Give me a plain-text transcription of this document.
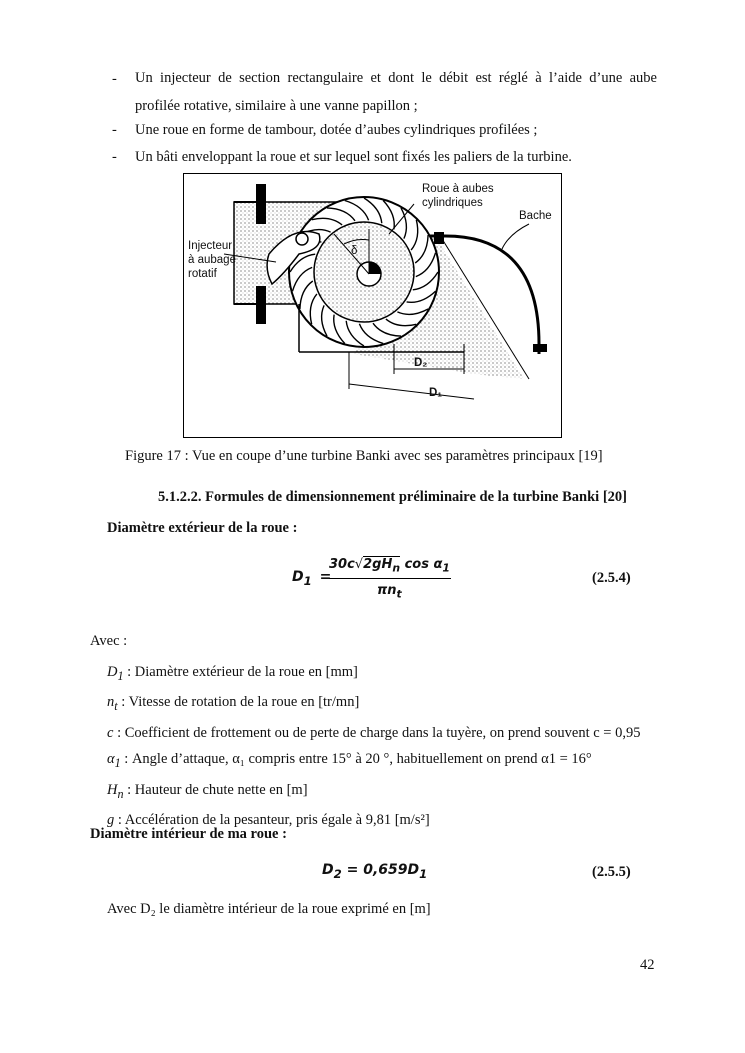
- Un injecteur de section rectangulaire et dont le débit est réglé à l’aide d’une aube
profilée rotative, similaire à une vanne papillon ;
- Une roue en forme de tambour, dotée d’aubes cylindriques profilées ;
- Un bâti enveloppant la roue et sur lequel sont fixés les paliers de la turbine.
Roue à aubes
cylindriques
Bache
Injecteur
à aubage
rotatif
δ
D₂
D₁
Figure 17 : Vue en coupe d’une turbine Banki avec ses paramètres principaux [19]
5.1.2.2. Formules de dimensionnement préliminaire de la turbine Banki [20]
Diamètre extérieur de la roue :
$D_1$ =
$30c√2gH_n$ $\cos \alpha_1$
$\pi n_t$
(2.5.4)
Avec :
$D_1$ : Diamètre extérieur de la roue en [mm]
$n_t$ : Vitesse de rotation de la roue en [tr/mn]
c : Coefficient de frottement ou de perte de charge dans la tuyère, on prend souvent c = 0,95
$\alpha_1$ : Angle d’attaque, α₁ compris entre 15° à 20 °, habituellement on prend α1 = 16°
$H_n$ : Hauteur de chute nette en [m]
g : Accélération de la pesanteur, pris égale à 9,81 [m/s²]
Diamètre intérieur de ma roue :
$D_2 = 0,659D_1$	(2.5.5)
Avec D₂ le diamètre intérieur de la roue exprimé en [m]
42
